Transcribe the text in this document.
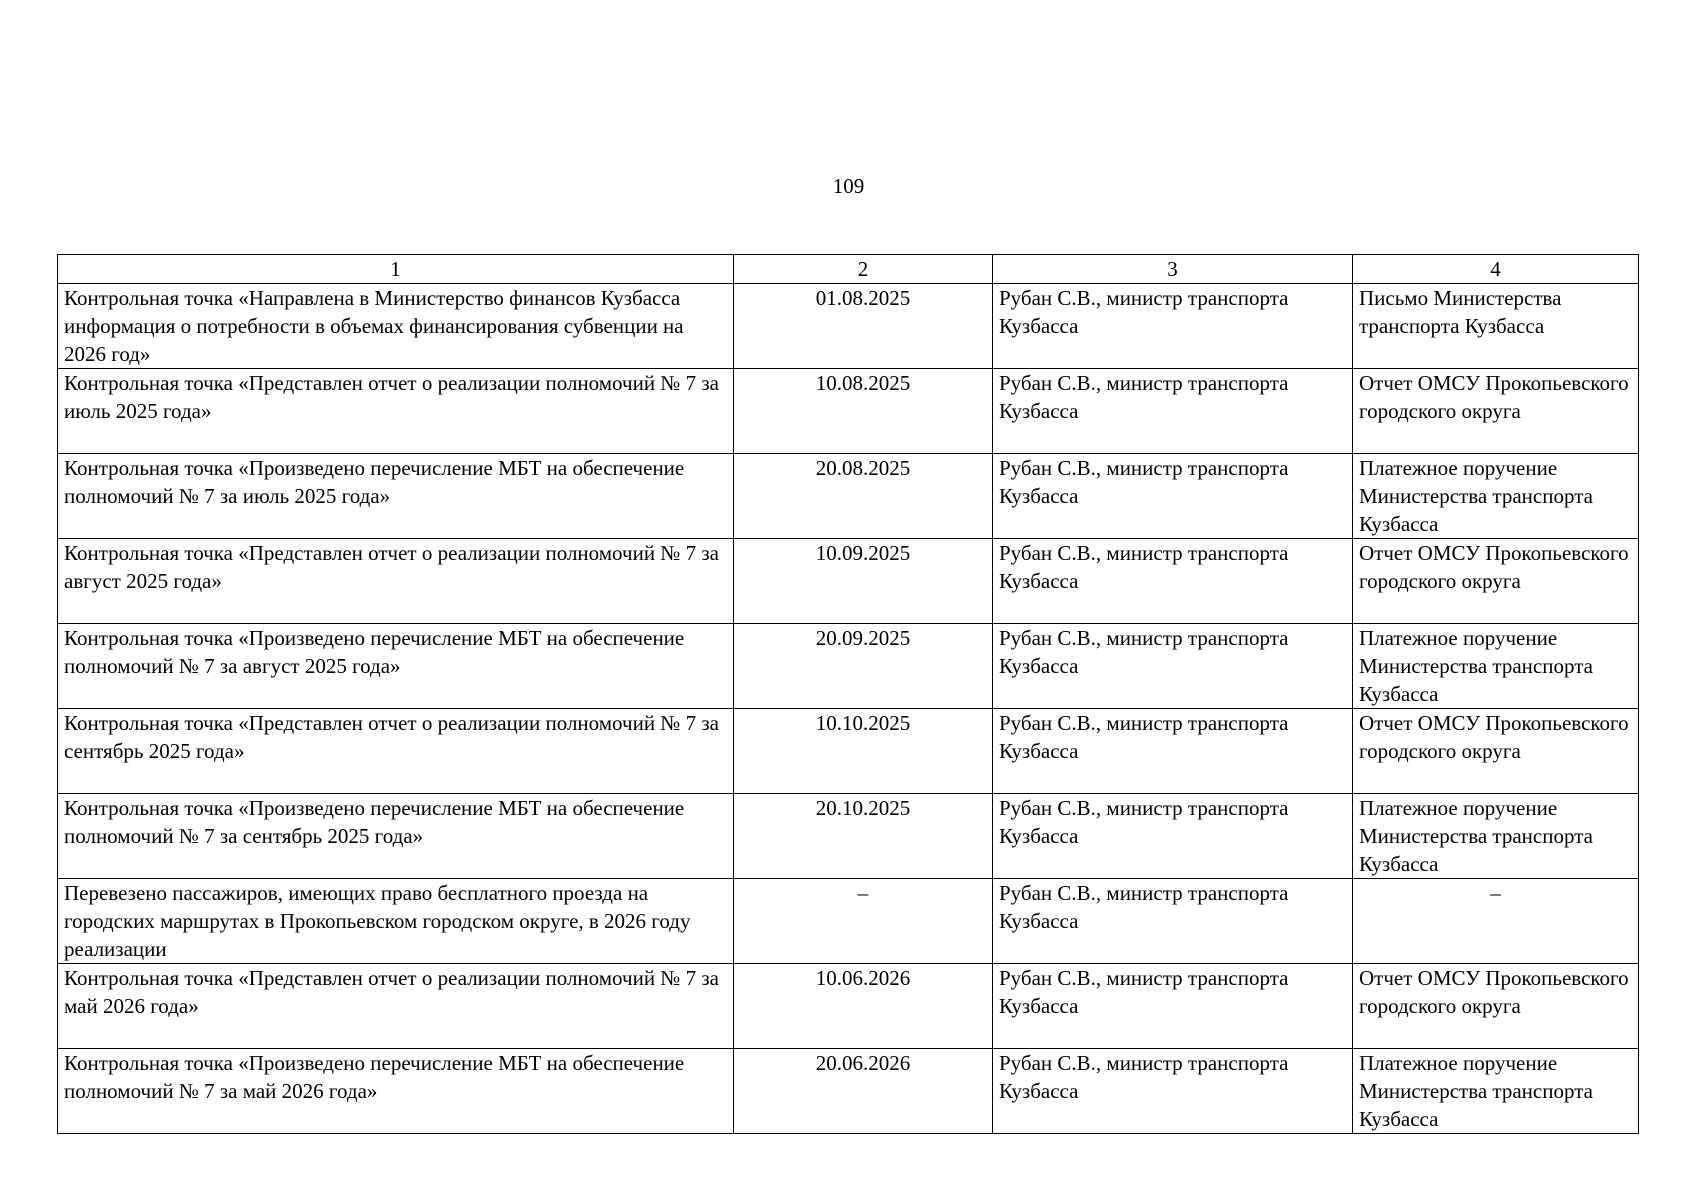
109
1	2	3	4
Контрольная точка «Направлена в Министерство финансов Кузбасса информация о потребности в объемах финансирования субвенции на 2026 год»	01.08.2025	Рубан С.В., министр транспорта Кузбасса	Письмо Министерства транспорта Кузбасса
Контрольная точка «Представлен отчет о реализации полномочий № 7 за июль 2025 года»	10.08.2025	Рубан С.В., министр транспорта Кузбасса	Отчет ОМСУ Прокопьевского городского округа
Контрольная точка «Произведено перечисление МБТ на обеспечение полномочий № 7 за июль 2025 года»	20.08.2025	Рубан С.В., министр транспорта Кузбасса	Платежное поручение Министерства транспорта Кузбасса
Контрольная точка «Представлен отчет о реализации полномочий № 7 за август 2025 года»	10.09.2025	Рубан С.В., министр транспорта Кузбасса	Отчет ОМСУ Прокопьевского городского округа
Контрольная точка «Произведено перечисление МБТ на обеспечение полномочий № 7 за август 2025 года»	20.09.2025	Рубан С.В., министр транспорта Кузбасса	Платежное поручение Министерства транспорта Кузбасса
Контрольная точка «Представлен отчет о реализации полномочий № 7 за сентябрь 2025 года»	10.10.2025	Рубан С.В., министр транспорта Кузбасса	Отчет ОМСУ Прокопьевского городского округа
Контрольная точка «Произведено перечисление МБТ на обеспечение полномочий № 7 за сентябрь 2025 года»	20.10.2025	Рубан С.В., министр транспорта Кузбасса	Платежное поручение Министерства транспорта Кузбасса
Перевезено пассажиров, имеющих право бесплатного проезда на городских маршрутах в Прокопьевском городском округе, в 2026 году реализации	–	Рубан С.В., министр транспорта Кузбасса	–
Контрольная точка «Представлен отчет о реализации полномочий № 7 за май 2026 года»	10.06.2026	Рубан С.В., министр транспорта Кузбасса	Отчет ОМСУ Прокопьевского городского округа
Контрольная точка «Произведено перечисление МБТ на обеспечение полномочий № 7 за май 2026 года»	20.06.2026	Рубан С.В., министр транспорта Кузбасса	Платежное поручение Министерства транспорта Кузбасса
